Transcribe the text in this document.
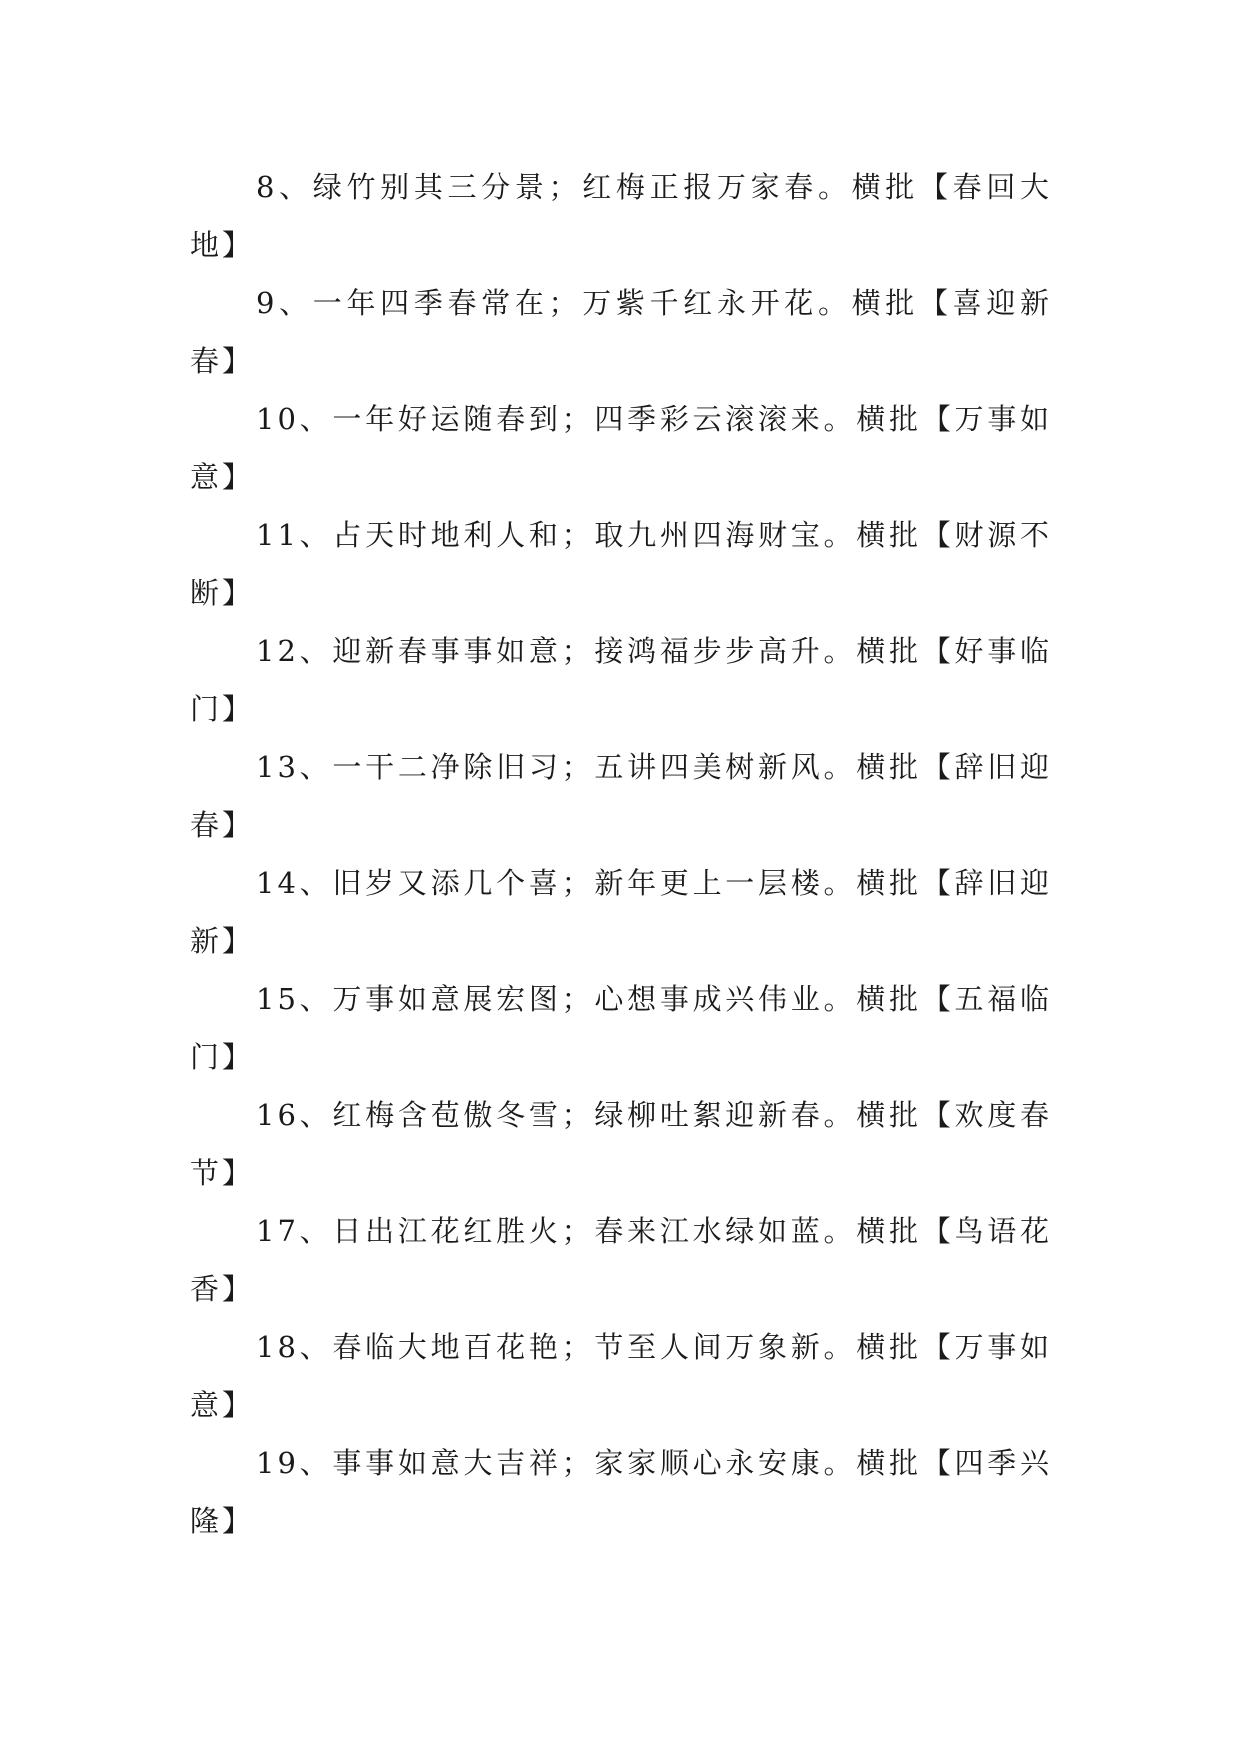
8、绿竹别其三分景；红梅正报万家春。横批【春回大地】

9、一年四季春常在；万紫千红永开花。横批【喜迎新春】

10、一年好运随春到；四季彩云滚滚来。横批【万事如意】

11、占天时地利人和；取九州四海财宝。横批【财源不断】

12、迎新春事事如意；接鸿福步步高升。横批【好事临门】

13、一干二净除旧习；五讲四美树新风。横批【辞旧迎春】

14、旧岁又添几个喜；新年更上一层楼。横批【辞旧迎新】

15、万事如意展宏图；心想事成兴伟业。横批【五福临门】

16、红梅含苞傲冬雪；绿柳吐絮迎新春。横批【欢度春节】

17、日出江花红胜火；春来江水绿如蓝。横批【鸟语花香】

18、春临大地百花艳；节至人间万象新。横批【万事如意】

19、事事如意大吉祥；家家顺心永安康。横批【四季兴隆】
